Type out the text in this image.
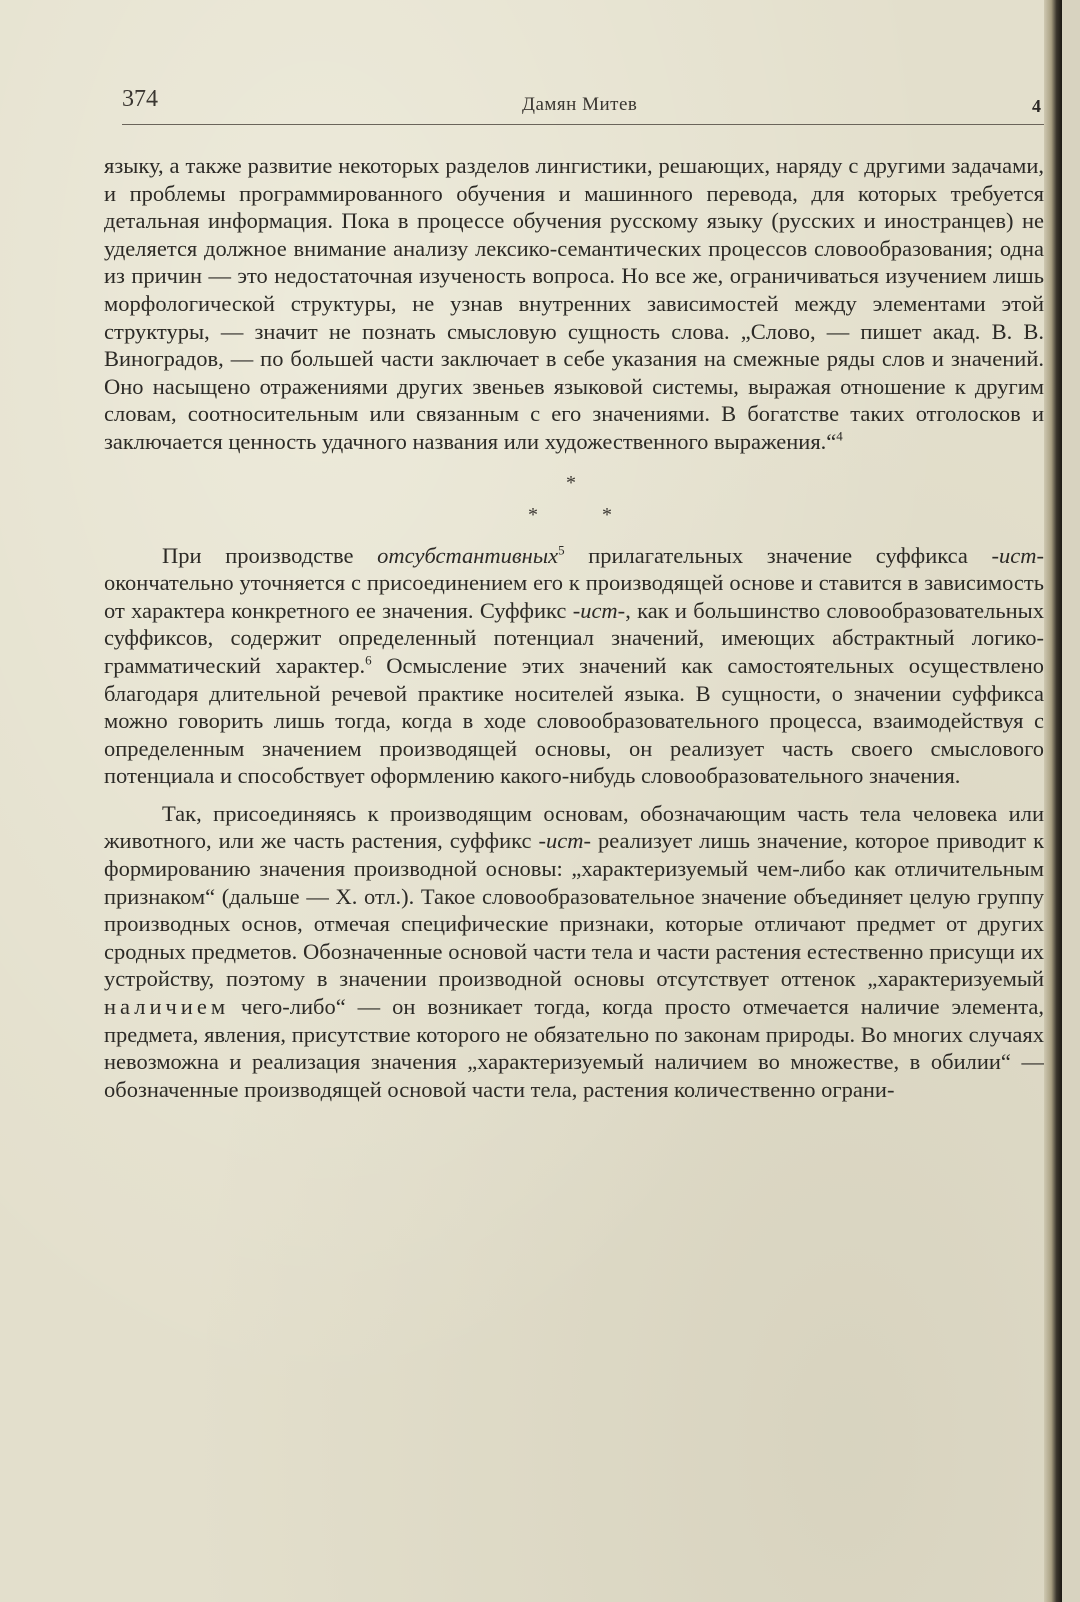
374	Дамян Митев	4

языку, а также развитие некоторых разделов лингистики, решающих, наряду с другими задачами, и проблемы программированного обучения и машинного перевода, для которых требуется детальная информация. Пока в процессе обучения русскому языку (русских и иностранцев) не уделяется должное внимание анализу лексико-семантических процессов словообразования; одна из причин — это недостаточная изученость вопроса. Но все же, ограничиваться изучением лишь морфологической структуры, не узнав внутренних зависимостей между элементами этой структуры, — значит не познать смысловую сущность слова. „Слово, — пишет акад. В. В. Виноградов, — по большей части заключает в себе указания на смежные ряды слов и значений. Оно насыщено отражениями других звеньев языковой системы, выражая отношение к другим словам, соотносительным или связанным с его значениями. В богатстве таких отголосков и заключается ценность удачного названия или художественного выражения.“$^4$

*
*	*

При производстве отсубстантивных$^5$ прилагательных значение суффикса -ист- окончательно уточняется с присоединением его к производящей основе и ставится в зависимость от характера конкретного ее значения. Суффикс -ист-, как и большинство словообразовательных суффиксов, содержит определенный потенциал значений, имеющих абстрактный логико-грамматический характер.$^6$ Осмысление этих значений как самостоятельных осуществлено благодаря длительной речевой практике носителей языка. В сущности, о значении суффикса можно говорить лишь тогда, когда в ходе словообразовательного процесса, взаимодействуя с определенным значением производящей основы, он реализует часть своего смыслового потенциала и способствует оформлению какого-нибудь словообразовательного значения.

Так, присоединяясь к производящим основам, обозначающим часть тела человека или животного, или же часть растения, суффикс -ист- реализует лишь значение, которое приводит к формированию значения производной основы: „характеризуемый чем-либо как отличительным признаком“ (дальше — Х. отл.). Такое словообразовательное значение объединяет целую группу производных основ, отмечая специфические признаки, которые отличают предмет от других сродных предметов. Обозначенные основой части тела и части растения естественно присущи их устройству, поэтому в значении производной основы отсутствует оттенок „характеризуемый наличием чего-либо“ — он возникает тогда, когда просто отмечается наличие элемента, предмета, явления, присутствие которого не обязательно по законам природы. Во многих случаях невозможна и реализация значения „характеризуемый наличием во множестве, в обилии“ — обозначенные производящей основой части тела, растения количественно ограни-
